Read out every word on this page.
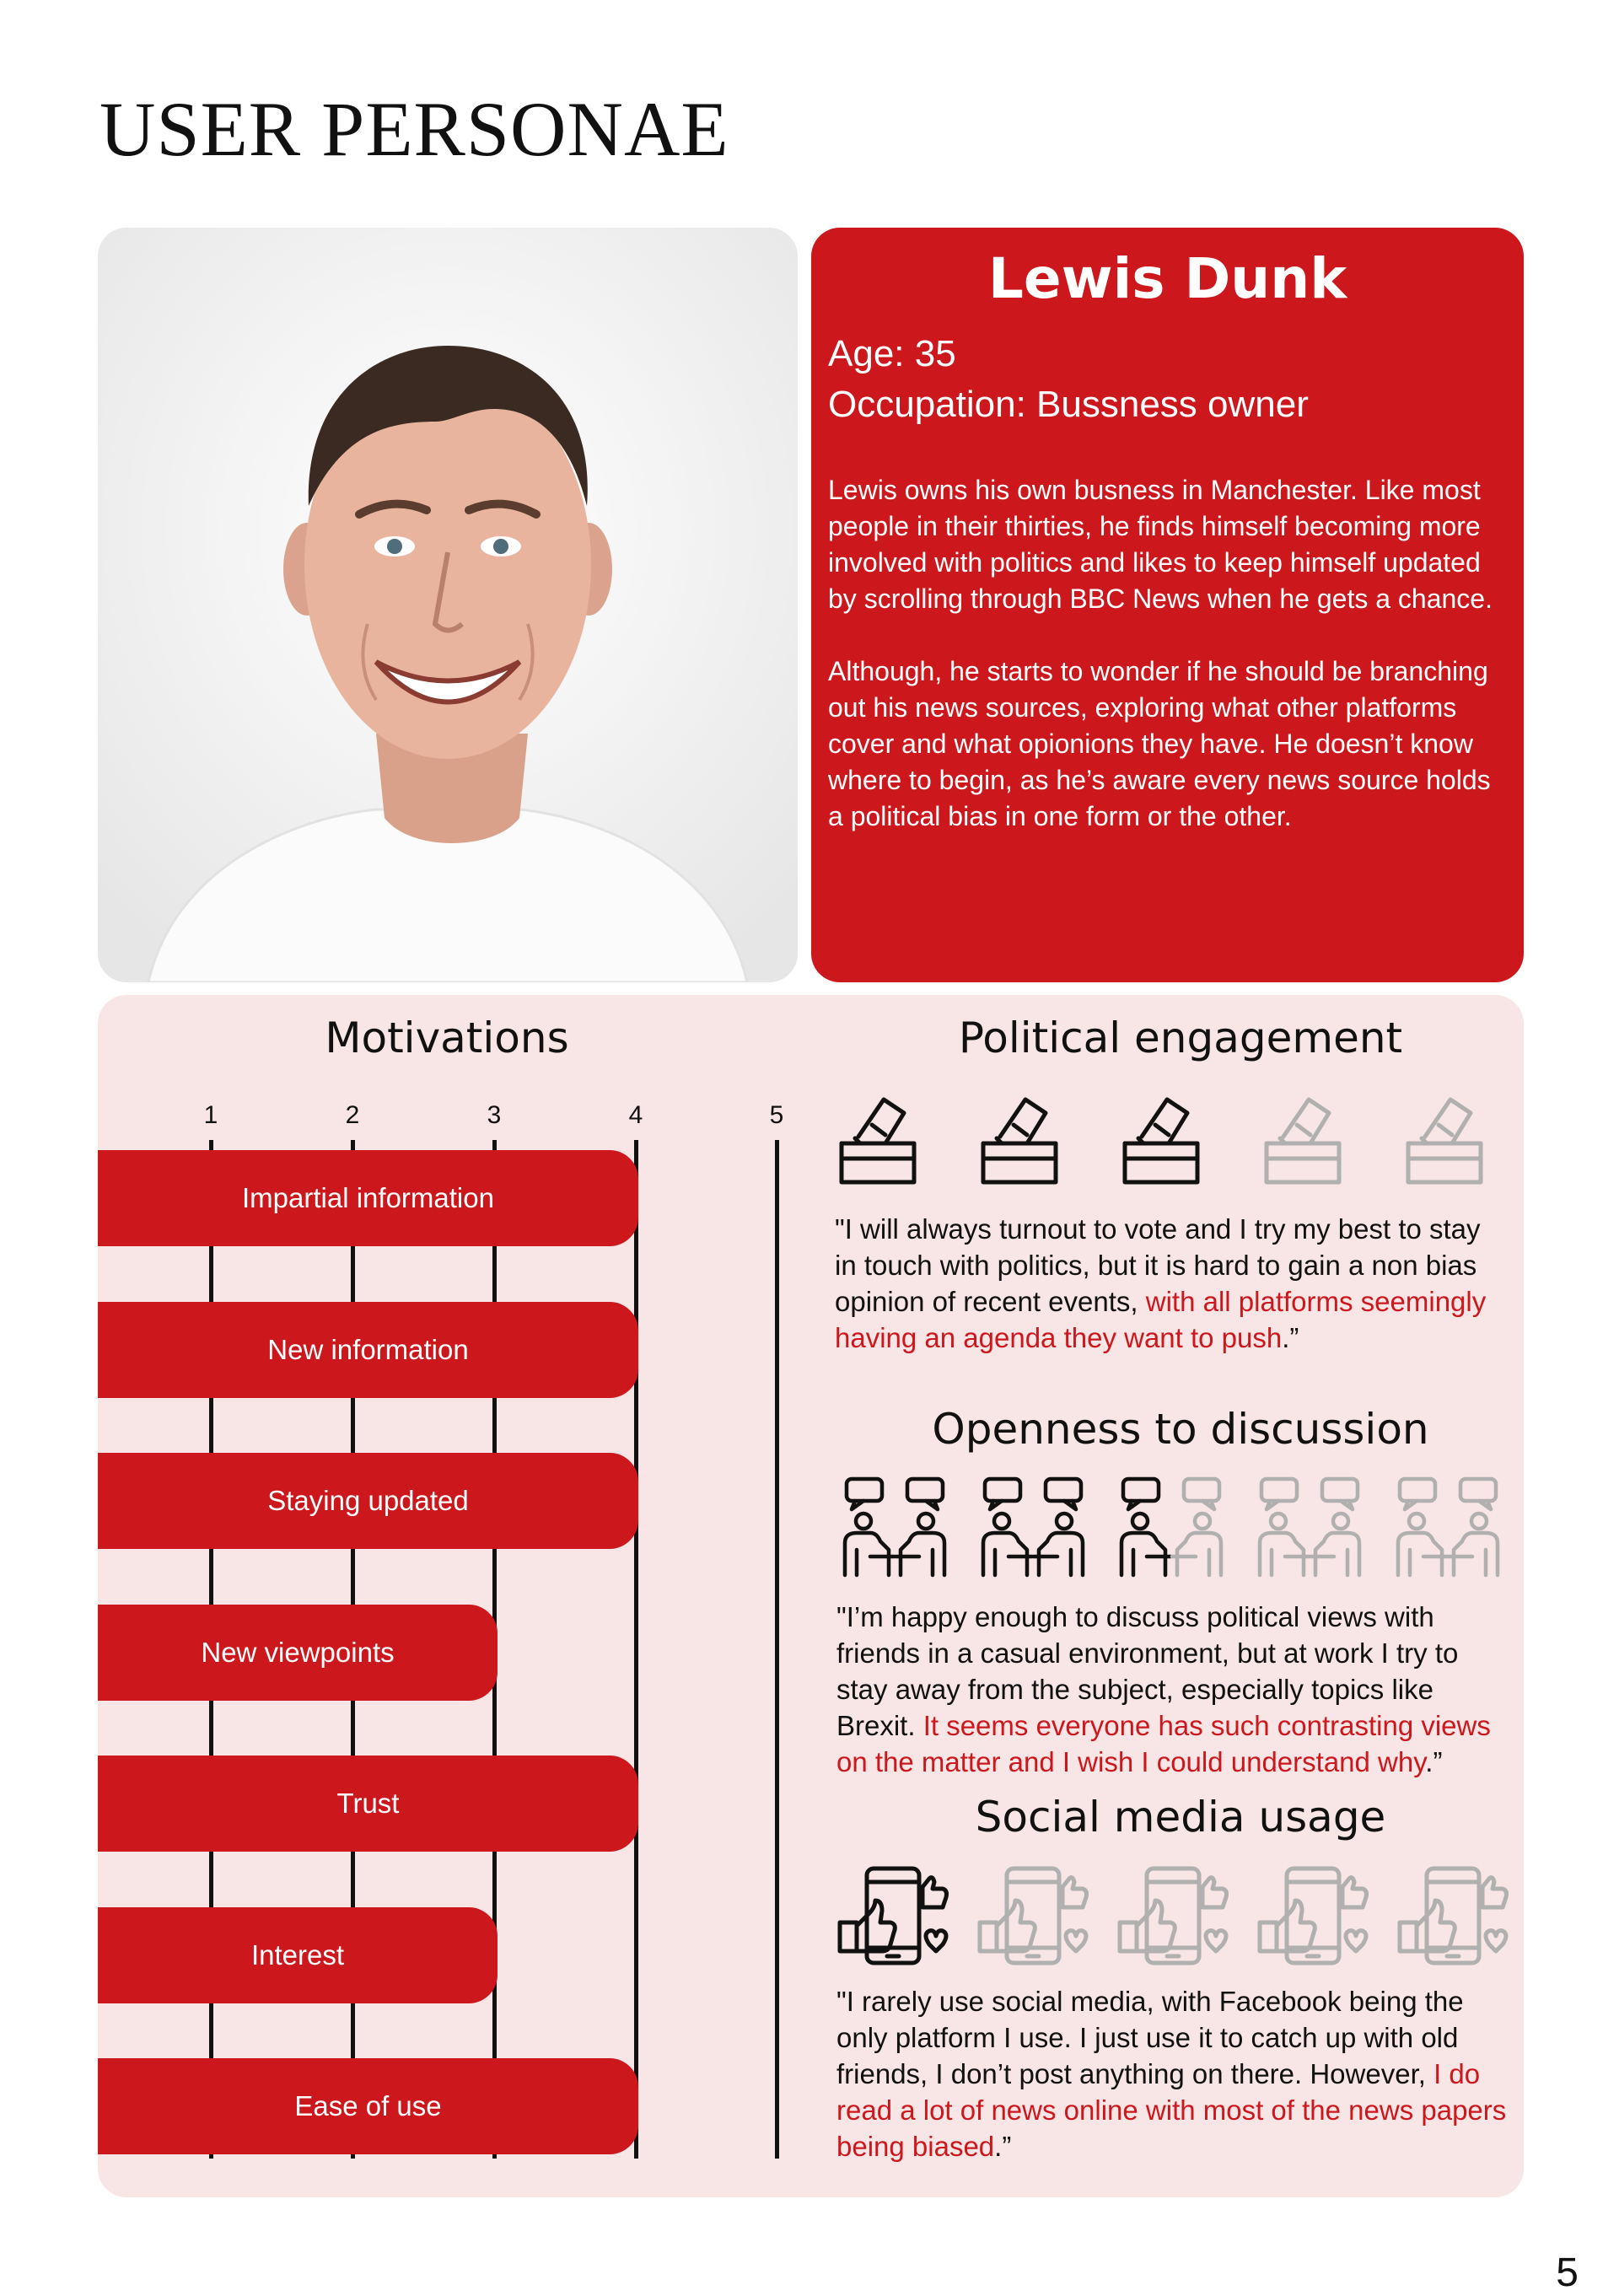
USER PERSONAE
Lewis Dunk
Age: 35
Occupation: Bussness owner

Lewis owns his own busness in Manchester. Like most people in their thirties, he finds himself becoming more involved with politics and likes to keep himself updated by scrolling through BBC News when he gets a chance.

Although, he starts to wonder if he should be branching out his news sources, exploring what other platforms cover and what opionions they have. He doesn’t know where to begin, as he’s aware every news source holds a political bias in one form or the other.

Motivations
1	2	3	4	5
Impartial information
New information
Staying updated
New viewpoints
Trust
Interest
Ease of use
Political engagement
"I will always turnout to vote and I try my best to stay in touch with politics, but it is hard to gain a non bias opinion of recent events, with all platforms seemingly having an agenda they want to push.”
Openness to discussion
"I’m happy enough to discuss political views with friends in a casual environment, but at work I try to stay away from the subject, especially topics like Brexit. It seems everyone has such contrasting views on the matter and I wish I could understand why.”
Social media usage
"I rarely use social media, with Facebook being the only platform I use. I just use it to catch up with old friends, I don’t post anything on there. However, I do read a lot of news online with most of the news papers being biased.”
5
